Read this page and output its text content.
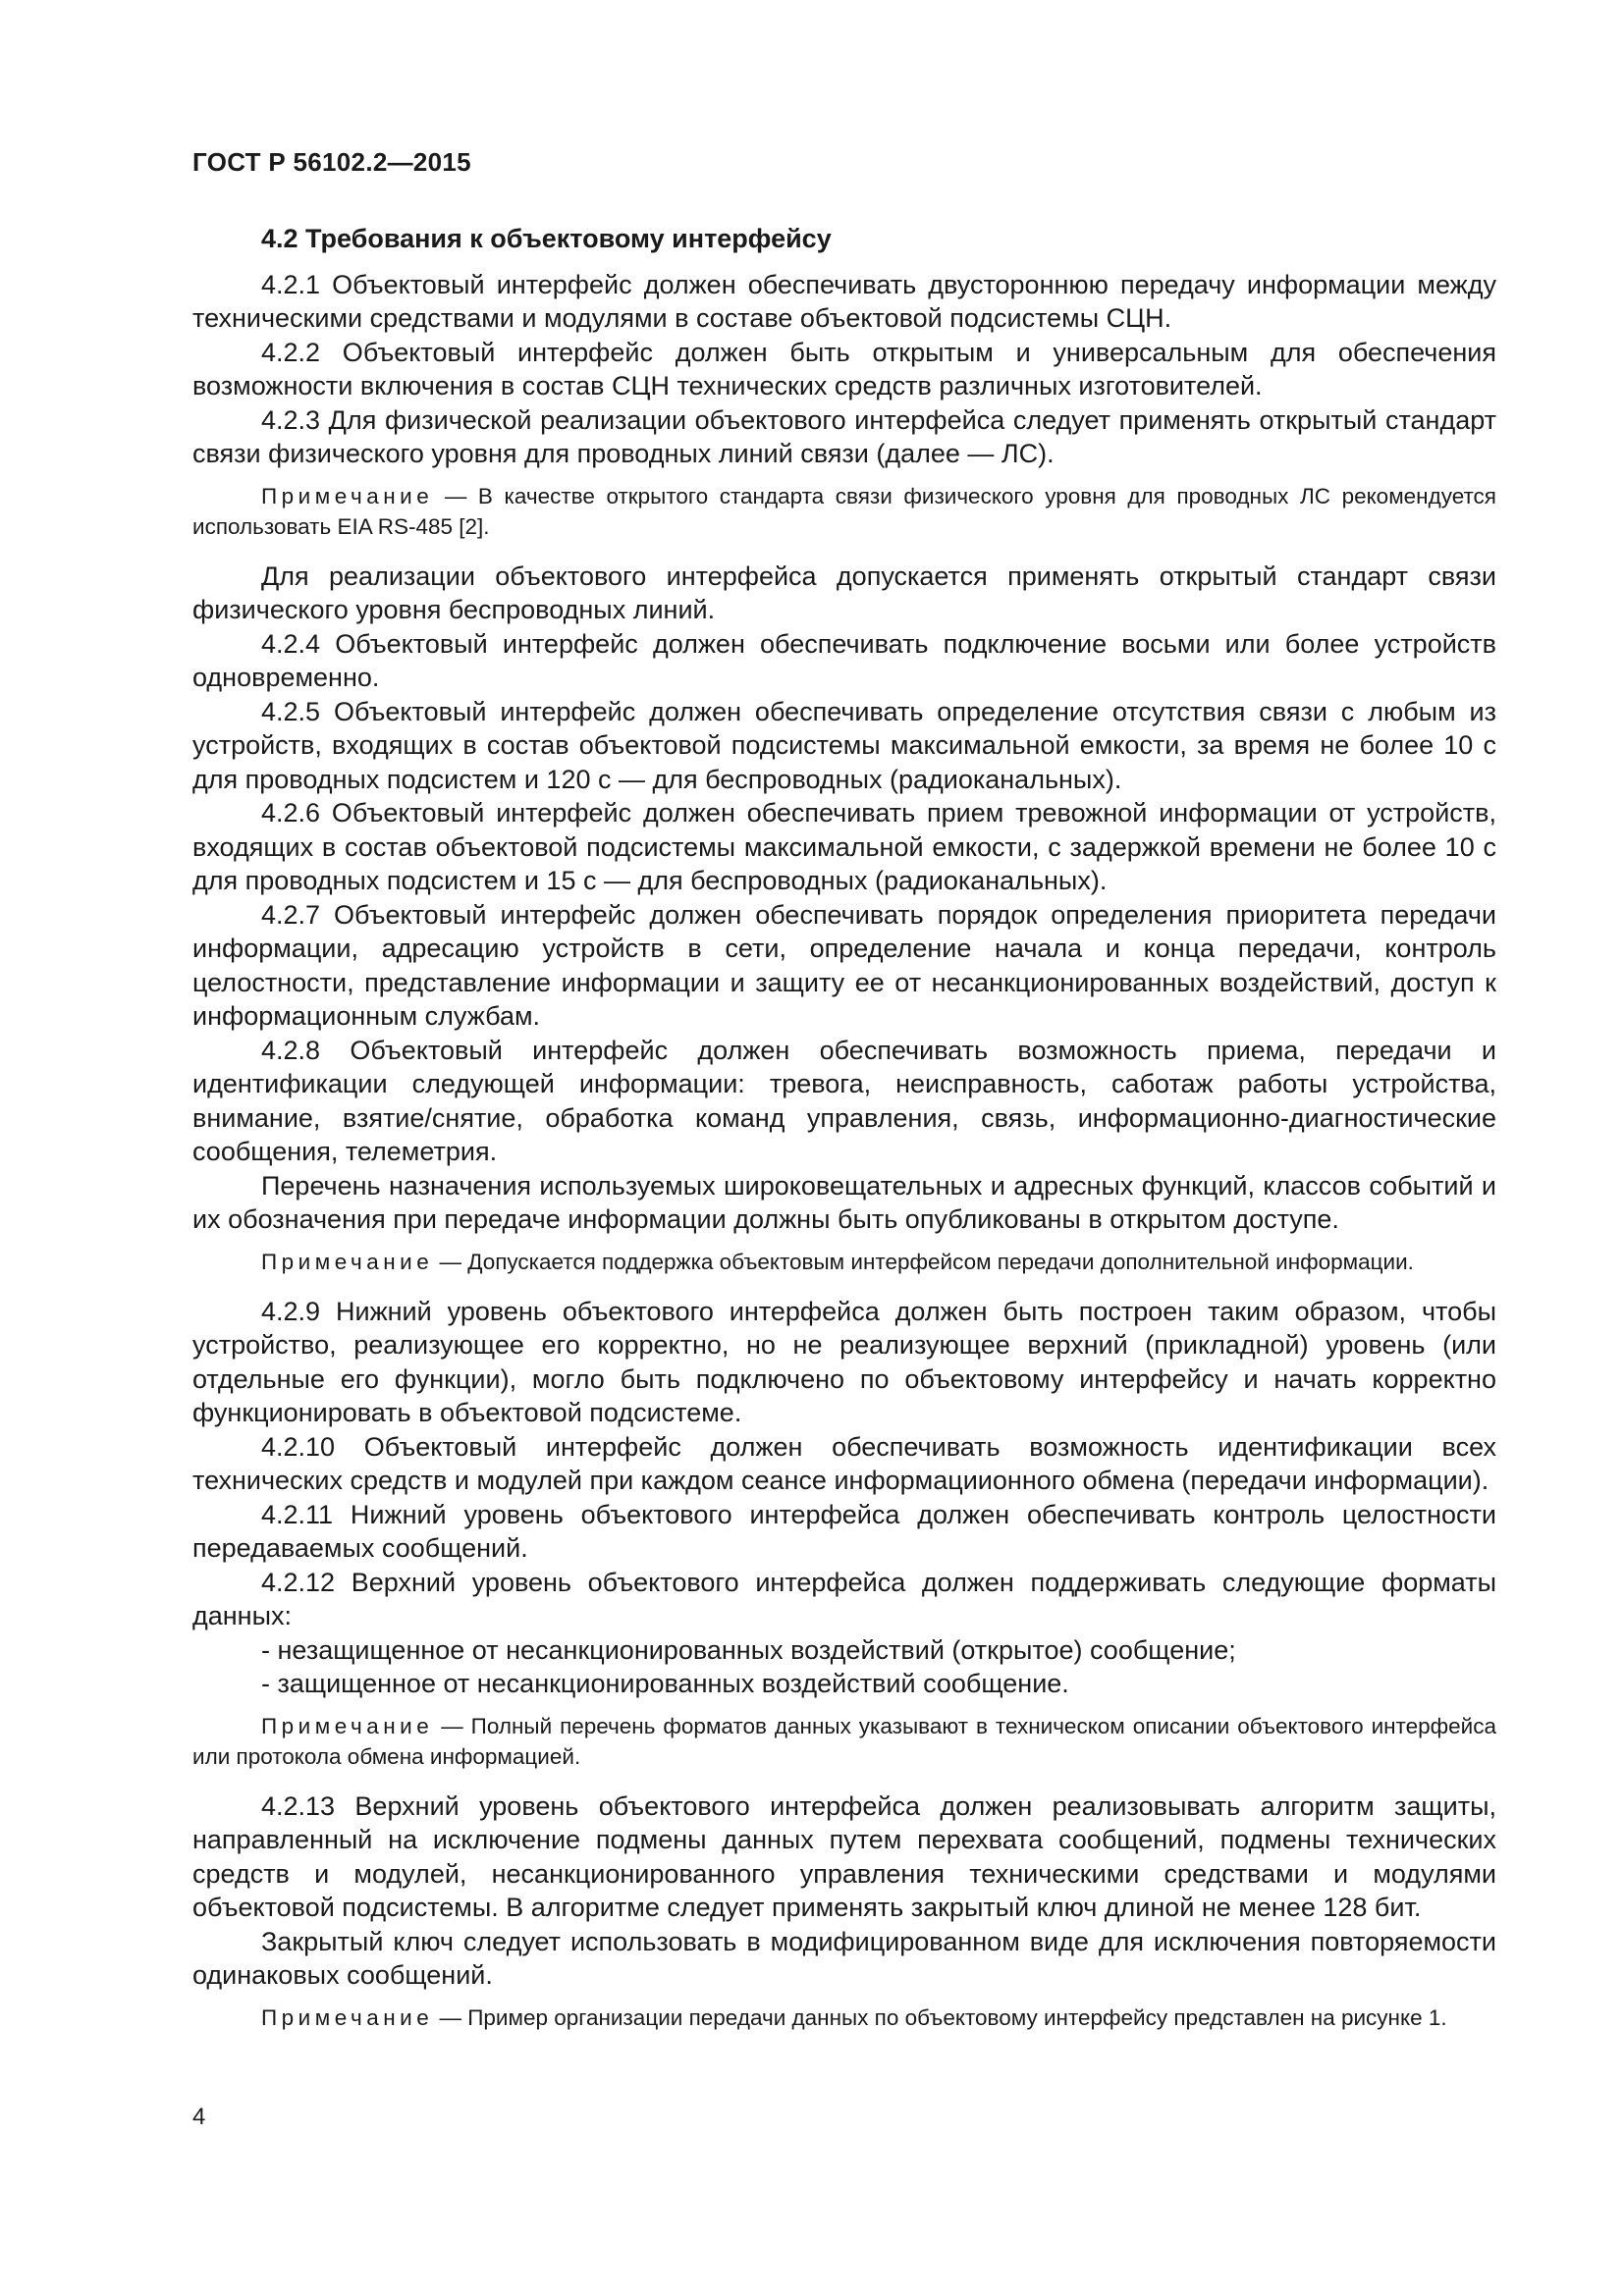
ГОСТ Р 56102.2—2015

4.2 Требования к объектовому интерфейсу

4.2.1 Объектовый интерфейс должен обеспечивать двустороннюю передачу информации между техническими средствами и модулями в составе объектовой подсистемы СЦН.

4.2.2 Объектовый интерфейс должен быть открытым и универсальным для обеспечения возможности включения в состав СЦН технических средств различных изготовителей.

4.2.3 Для физической реализации объектового интерфейса следует применять открытый стандарт связи физического уровня для проводных линий связи (далее — ЛС).

Примечание — В качестве открытого стандарта связи физического уровня для проводных ЛС рекомендуется использовать EIA RS-485 [2].

Для реализации объектового интерфейса допускается применять открытый стандарт связи физического уровня беспроводных линий.

4.2.4 Объектовый интерфейс должен обеспечивать подключение восьми или более устройств одновременно.

4.2.5 Объектовый интерфейс должен обеспечивать определение отсутствия связи с любым из устройств, входящих в состав объектовой подсистемы максимальной емкости, за время не более 10 с для проводных подсистем и 120 с — для беспроводных (радиоканальных).

4.2.6 Объектовый интерфейс должен обеспечивать прием тревожной информации от устройств, входящих в состав объектовой подсистемы максимальной емкости, с задержкой времени не более 10 с для проводных подсистем и 15 с — для беспроводных (радиоканальных).

4.2.7 Объектовый интерфейс должен обеспечивать порядок определения приоритета передачи информации, адресацию устройств в сети, определение начала и конца передачи, контроль целостности, представление информации и защиту ее от несанкционированных воздействий, доступ к информационным службам.

4.2.8 Объектовый интерфейс должен обеспечивать возможность приема, передачи и идентификации следующей информации: тревога, неисправность, саботаж работы устройства, внимание, взятие/снятие, обработка команд управления, связь, информационно-диагностические сообщения, телеметрия.

Перечень назначения используемых широковещательных и адресных функций, классов событий и их обозначения при передаче информации должны быть опубликованы в открытом доступе.

Примечание — Допускается поддержка объектовым интерфейсом передачи дополнительной информации.

4.2.9 Нижний уровень объектового интерфейса должен быть построен таким образом, чтобы устройство, реализующее его корректно, но не реализующее верхний (прикладной) уровень (или отдельные его функции), могло быть подключено по объектовому интерфейсу и начать корректно функционировать в объектовой подсистеме.

4.2.10 Объектовый интерфейс должен обеспечивать возможность идентификации всех технических средств и модулей при каждом сеансе информациионного обмена (передачи информации).

4.2.11 Нижний уровень объектового интерфейса должен обеспечивать контроль целостности передаваемых сообщений.

4.2.12 Верхний уровень объектового интерфейса должен поддерживать следующие форматы данных:

- незащищенное от несанкционированных воздействий (открытое) сообщение;

- защищенное от несанкционированных воздействий сообщение.

Примечание — Полный перечень форматов данных указывают в техническом описании объектового интерфейса или протокола обмена информацией.

4.2.13 Верхний уровень объектового интерфейса должен реализовывать алгоритм защиты, направленный на исключение подмены данных путем перехвата сообщений, подмены технических средств и модулей, несанкционированного управления техническими средствами и модулями объектовой подсистемы. В алгоритме следует применять закрытый ключ длиной не менее 128 бит.

Закрытый ключ следует использовать в модифицированном виде для исключения повторяемости одинаковых сообщений.

Примечание — Пример организации передачи данных по объектовому интерфейсу представлен на рисунке 1.

4
